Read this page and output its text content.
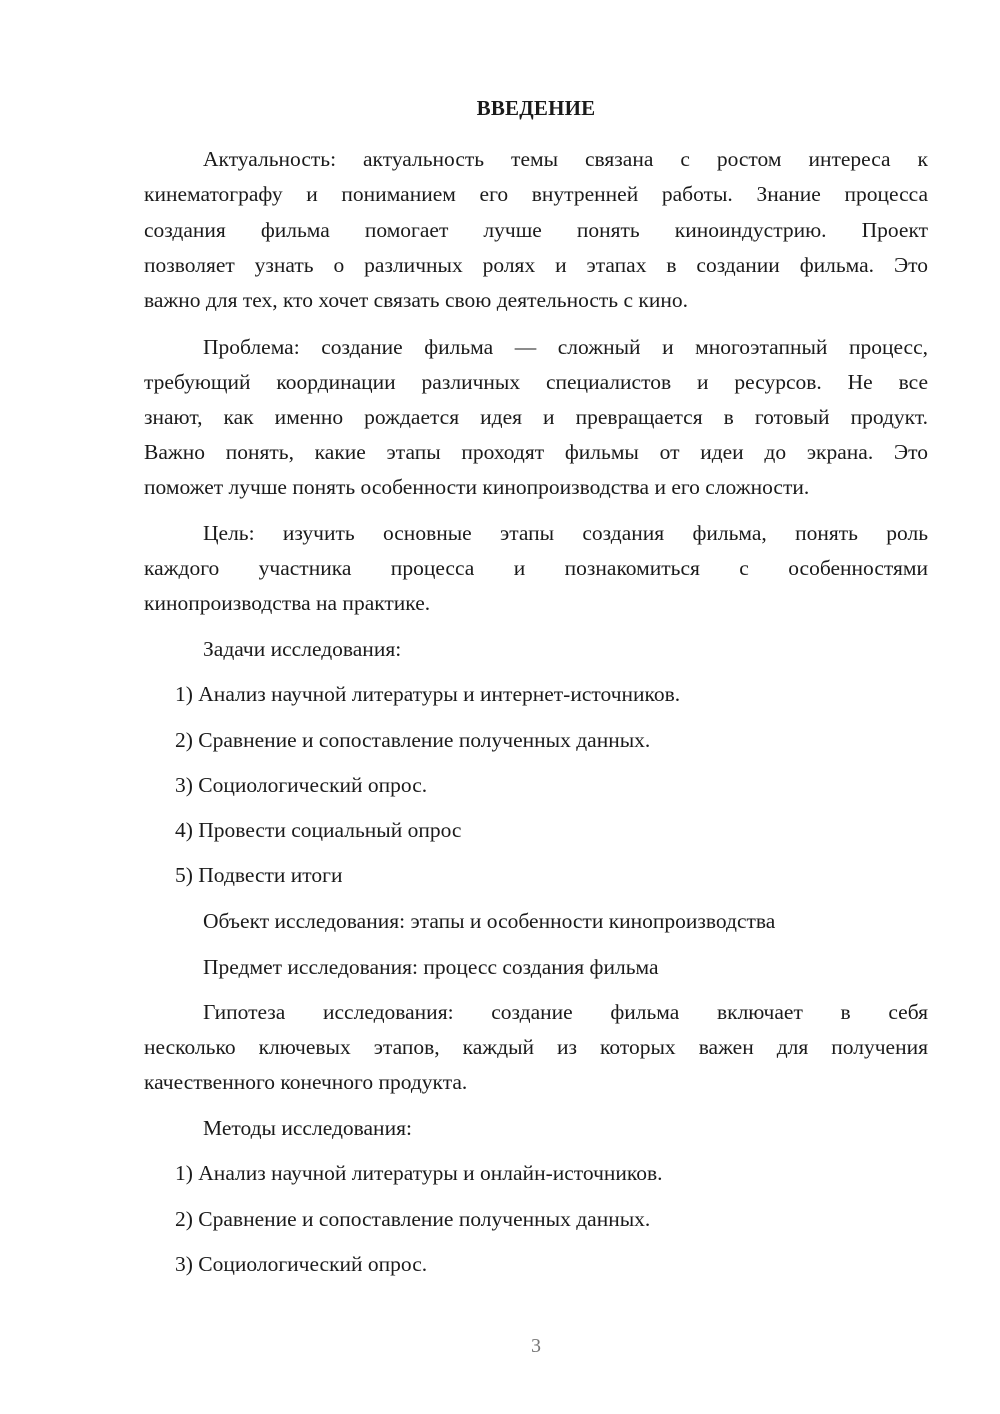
ВВЕДЕНИЕ
Актуальность: актуальность темы связана с ростом интереса к
кинематографу и пониманием его внутренней работы. Знание процесса
создания фильма помогает лучше понять киноиндустрию. Проект
позволяет узнать о различных ролях и этапах в создании фильма. Это
важно для тех, кто хочет связать свою деятельность с кино.
Проблема: создание фильма — сложный и многоэтапный процесс,
требующий координации различных специалистов и ресурсов. Не все
знают, как именно рождается идея и превращается в готовый продукт.
Важно понять, какие этапы проходят фильмы от идеи до экрана. Это
поможет лучше понять особенности кинопроизводства и его сложности.
Цель: изучить основные этапы создания фильма, понять роль
каждого участника процесса и познакомиться с особенностями
кинопроизводства на практике.
Задачи исследования:
1) Анализ научной литературы и интернет-источников.
2) Сравнение и сопоставление полученных данных.
3) Социологический опрос.
4) Провести социальный опрос
5) Подвести итоги
Объект исследования: этапы и особенности кинопроизводства
Предмет исследования: процесс создания фильма
Гипотеза исследования: создание фильма включает в себя
несколько ключевых этапов, каждый из которых важен для получения
качественного конечного продукта.
Методы исследования:
1) Анализ научной литературы и онлайн-источников.
2) Сравнение и сопоставление полученных данных.
3) Социологический опрос.
3
